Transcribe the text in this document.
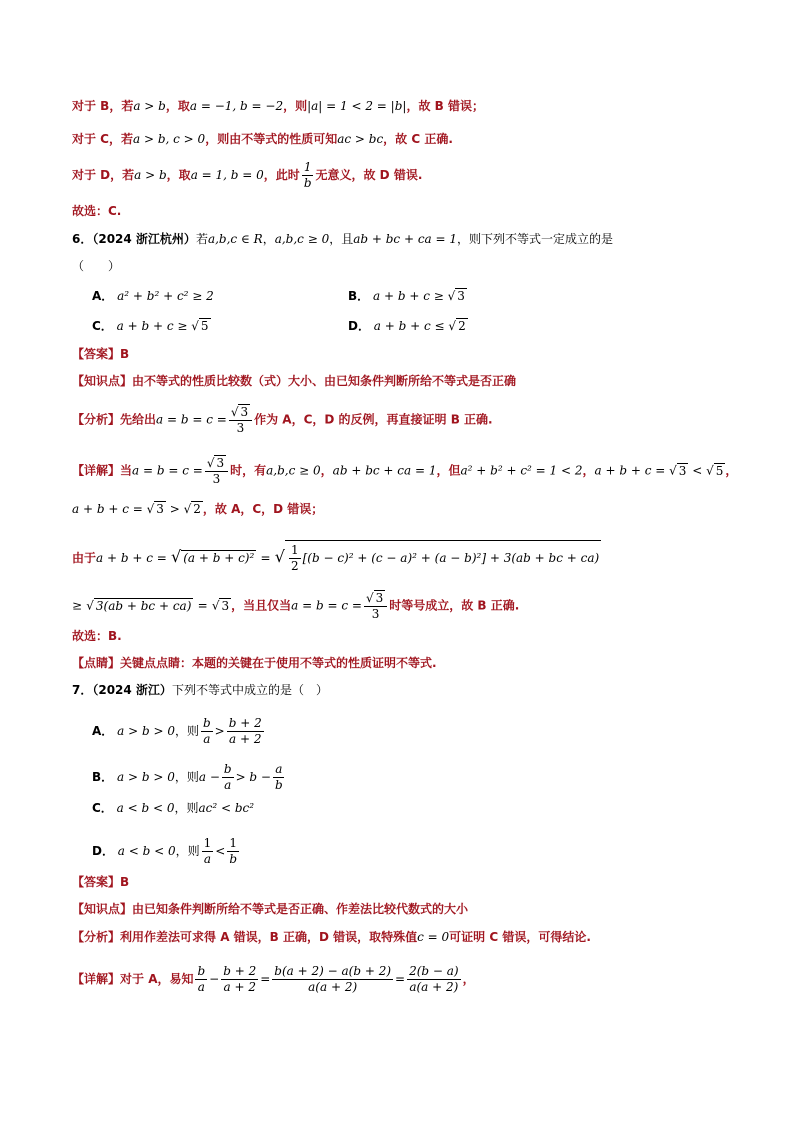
对于 B，若a > b，取a = −1, b = −2，则|a| = 1 < 2 = |b|，故 B 错误；
对于 C，若a > b, c > 0，则由不等式的性质可知ac > bc，故 C 正确.
对于 D，若a > b，取a = 1, b = 0，此时 $\frac{1}{b}$ 无意义，故 D 错误.
故选：C.
6．（2024 浙江杭州）若a,b,c ∈ R，a,b,c ≥ 0，且ab + bc + ca = 1，则下列不等式一定成立的是
（　　）
A． a² + b² + c² ≥ 2	B． a + b + c ≥ √ 3
C． a + b + c ≥ √ 5	D． a + b + c ≤ √ 2
【答案】B
【知识点】由不等式的性质比较数（式）大小、由已知条件判断所给不等式是否正确
【分析】先给出$a = b = c = \frac{√ 3}{3}$ 作为 A，C，D 的反例，再直接证明 B 正确.
【详解】当$a = b = c = \frac{√ 3}{3}$ 时，有a,b,c ≥ 0，ab + bc + ca = 1，但a² + b² + c² = 1 < 2，a + b + c = √ 3 < √ 5 ，
a + b + c = √ 3 > √ 2 ，故 A，C，D 错误；
由于a + b + c = √ (a + b + c)² = √ $\frac{1}{2} [(b - c)^2 + (c - a)^2 + (a - b)^2] + 3(ab$ + bc + ca)
≥ √ 3(ab + bc + ca) = √ 3 ，当且仅当$a = b = c = \frac{√ 3}{3}$ 时等号成立，故 B 正确.
故选：B.
【点睛】关键点点睛：本题的关键在于使用不等式的性质证明不等式.
7．（2024 浙江）下列不等式中成立的是（　）
A． a > b > 0，则 $\frac{b}{a} > \frac{b + 2}{a + 2}$
B． a > b > 0，则$a - \frac{b}{a} > b - \frac{a}{b}$
C． a < b < 0，则ac² < bc²
D． a < b < 0，则 $\frac{1}{a} < \frac{1}{b}$
【答案】B
【知识点】由已知条件判断所给不等式是否正确、作差法比较代数式的大小
【分析】利用作差法可求得 A 错误，B 正确，D 错误，取特殊值c = 0可证明 C 错误，可得结论.
【详解】对于 A，易知 $\frac{b}{a} - \frac{b + 2}{a + 2} = \frac{b(a + 2) - a(b + 2)}{a(a + 2)} = \frac{2(b - a)}{a(a + 2)}$ ，
